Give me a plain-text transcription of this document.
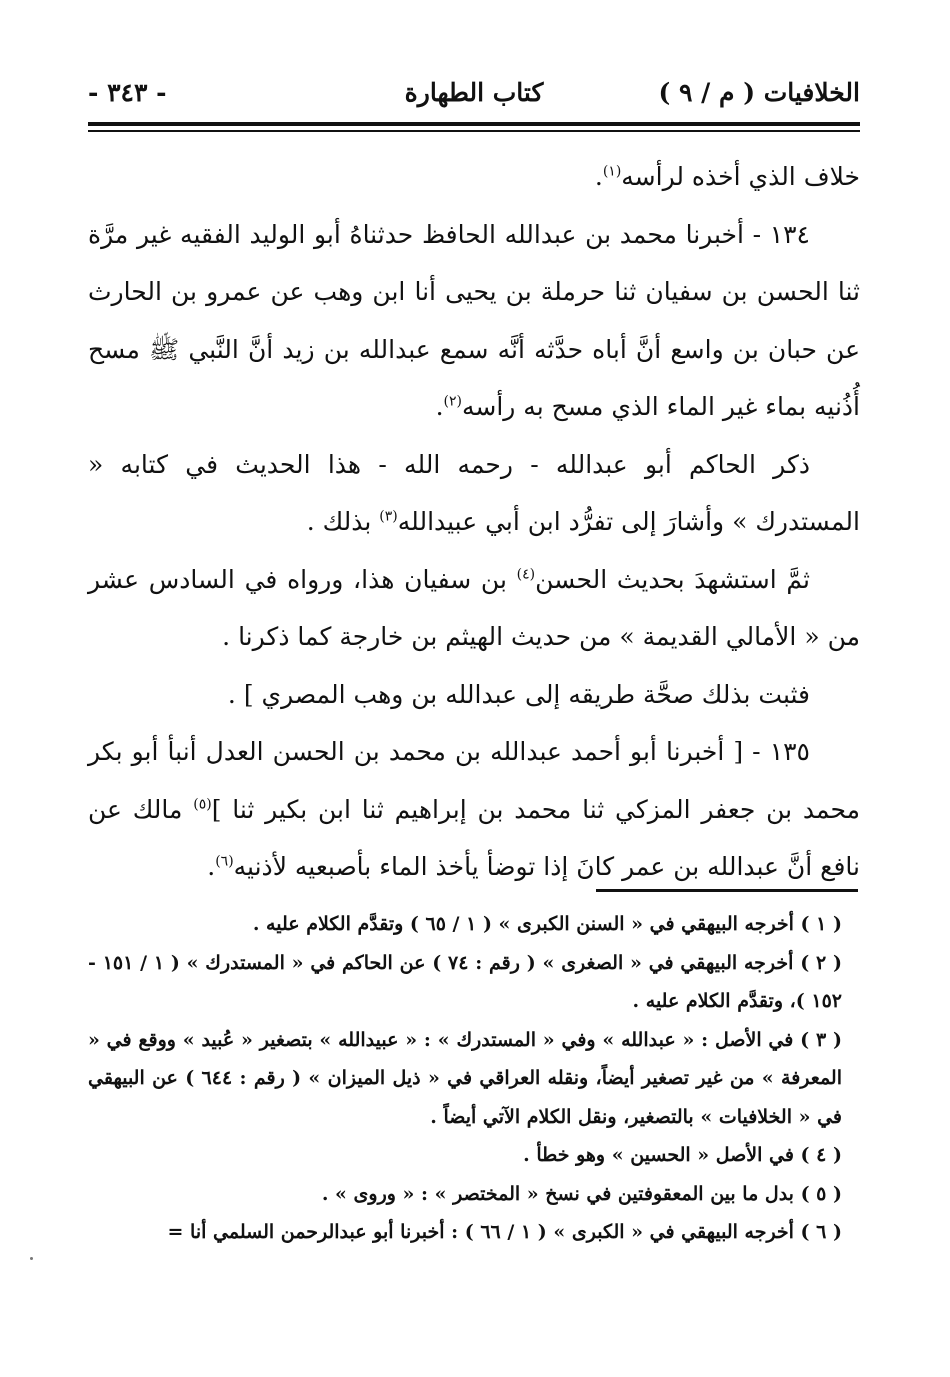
الخلافيات ( م / ٩ )
كتاب الطهارة
- ٣٤٣ -

خلاف الذي أخذه لرأسه$^{(١)}$.

١٣٤ - أخبرنا محمد بن عبدالله الحافظ حدثناهُ أبو الوليد الفقيه غير مرَّة ثنا الحسن بن سفيان ثنا حرملة بن يحيى أنا ابن وهب عن عمرو بن الحارث عن حبان بن واسع أنَّ أباه حدَّثه أنَّه سمع عبدالله بن زيد أنَّ النَّبي ﷺ مسح أُذُنيه بماء غير الماء الذي مسح به رأسه$^{(٢)}$.

ذكر الحاكم أبو عبدالله - رحمه الله - هذا الحديث في كتابه « المستدرك » وأشارَ إلى تفرُّد ابن أبي عبيدالله$^{(٣)}$ بذلك .

ثمَّ استشهدَ بحديث الحسن$^{(٤)}$ بن سفيان هذا، ورواه في السادس عشر من « الأمالي القديمة » من حديث الهيثم بن خارجة كما ذكرنا .

فثبت بذلك صحَّة طريقه إلى عبدالله بن وهب المصري ] .

١٣٥ - [ أخبرنا أبو أحمد عبدالله بن محمد بن الحسن العدل أنبأ أبو بكر محمد بن جعفر المزكي ثنا محمد بن إبراهيم ثنا ابن بكير ثنا ]$^{(٥)}$ مالك عن نافع أنَّ عبدالله بن عمر كانَ إذا توضأ يأخذ الماء بأصبعيه لأذنيه$^{(٦)}$.

( ١ ) أخرجه البيهقي في « السنن الكبرى » ( ١ / ٦٥ ) وتقدَّم الكلام عليه .

( ٢ ) أخرجه البيهقي في « الصغرى » ( رقم : ٧٤ ) عن الحاكم في « المستدرك » ( ١ / ١٥١ - ١٥٢ )، وتقدَّم الكلام عليه .

( ٣ ) في الأصل : « عبدالله » وفي « المستدرك » : « عبيدالله » بتصغير « عُبيد » ووقع في « المعرفة » من غير تصغير أيضاً، ونقله العراقي في « ذيل الميزان » ( رقم : ٦٤٤ ) عن البيهقي في « الخلافيات » بالتصغير، ونقل الكلام الآتي أيضاً .

( ٤ ) في الأصل « الحسين » وهو خطأ .

( ٥ ) بدل ما بين المعقوفتين في نسخ « المختصر » : « وروى » .

( ٦ ) أخرجه البيهقي في « الكبرى » ( ١ / ٦٦ ) : أخبرنا أبو عبدالرحمن السلمي أنا =
